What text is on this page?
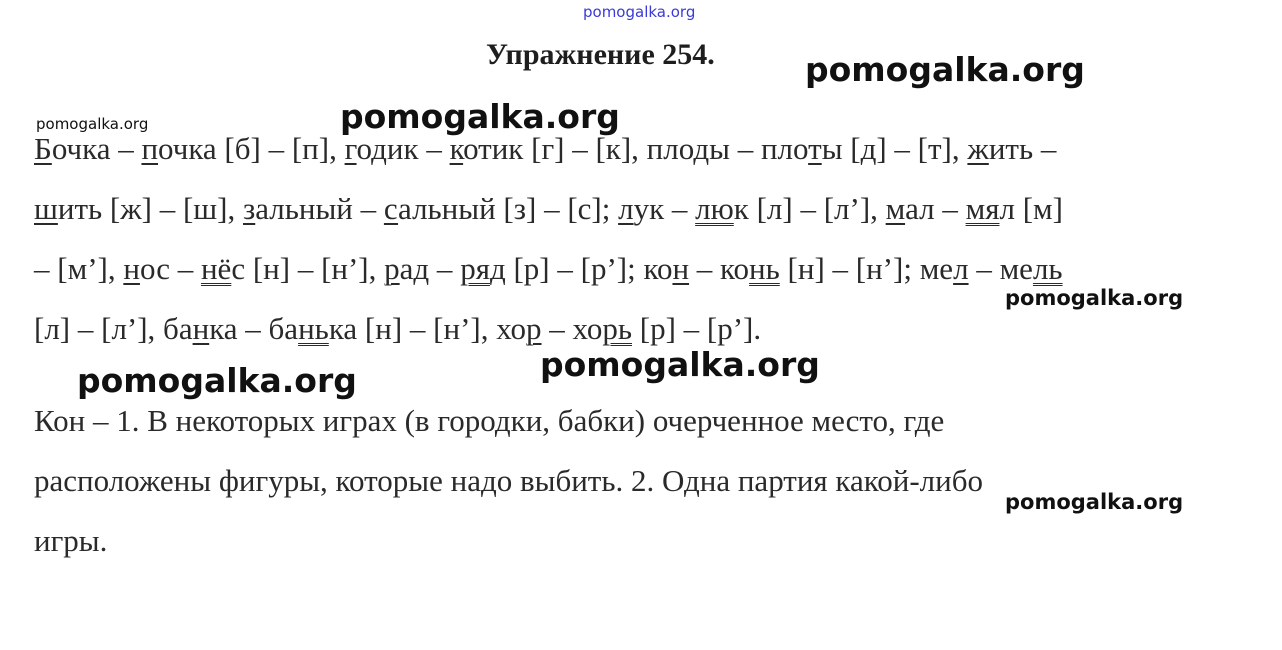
pomogalka.org
Упражнение 254.	pomogalka.org
pomogalka.org	pomogalka.org
Бочка – почка [б] – [п], годик – котик [г] – [к], плоды – плоты [д] – [т], жить –
шить [ж] – [ш], зальный – сальный [з] – [с]; лук – люк [л] – [л’], мал – мял [м]
– [м’], нос – нёс [н] – [н’], рад – ряд [р] – [р’]; кон – конь [н] – [н’]; мел – мель
[л] – [л’], банка – банька [н] – [н’], хор – хорь [р] – [р’].
pomogalka.org
pomogalka.org
pomogalka.org
Кон – 1. В некоторых играх (в городки, бабки) очерченное место, где
расположены фигуры, которые надо выбить. 2. Одна партия какой-либо
игры.
pomogalka.org
